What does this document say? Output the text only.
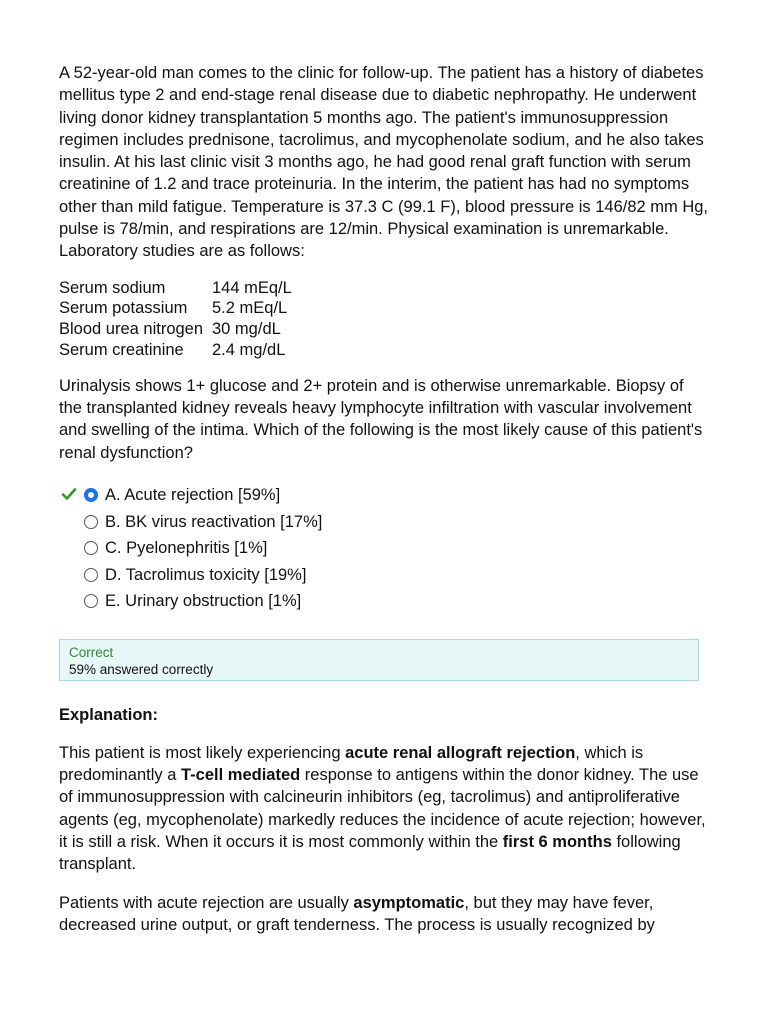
A 52-year-old man comes to the clinic for follow-up. The patient has a history of diabetes mellitus type 2 and end-stage renal disease due to diabetic nephropathy. He underwent living donor kidney transplantation 5 months ago. The patient's immunosuppression regimen includes prednisone, tacrolimus, and mycophenolate sodium, and he also takes insulin. At his last clinic visit 3 months ago, he had good renal graft function with serum creatinine of 1.2 and trace proteinuria. In the interim, the patient has had no symptoms other than mild fatigue. Temperature is 37.3 C (99.1 F), blood pressure is 146/82 mm Hg, pulse is 78/min, and respirations are 12/min. Physical examination is unremarkable. Laboratory studies are as follows:

Serum sodium	144 mEq/L
Serum potassium	5.2 mEq/L
Blood urea nitrogen 30 mg/dL
Serum creatinine	2.4 mg/dL

Urinalysis shows 1+ glucose and 2+ protein and is otherwise unremarkable. Biopsy of the transplanted kidney reveals heavy lymphocyte infiltration with vascular involvement and swelling of the intima. Which of the following is the most likely cause of this patient's renal dysfunction?

A. Acute rejection [59%]
B. BK virus reactivation [17%]
C. Pyelonephritis [1%]
D. Tacrolimus toxicity [19%]
E. Urinary obstruction [1%]
Correct
59% answered correctly
Explanation:

This patient is most likely experiencing acute renal allograft rejection, which is predominantly a T-cell mediated response to antigens within the donor kidney. The use of immunosuppression with calcineurin inhibitors (eg, tacrolimus) and antiproliferative agents (eg, mycophenolate) markedly reduces the incidence of acute rejection; however, it is still a risk. When it occurs it is most commonly within the first 6 months following transplant.

Patients with acute rejection are usually asymptomatic, but they may have fever, decreased urine output, or graft tenderness. The process is usually recognized by
